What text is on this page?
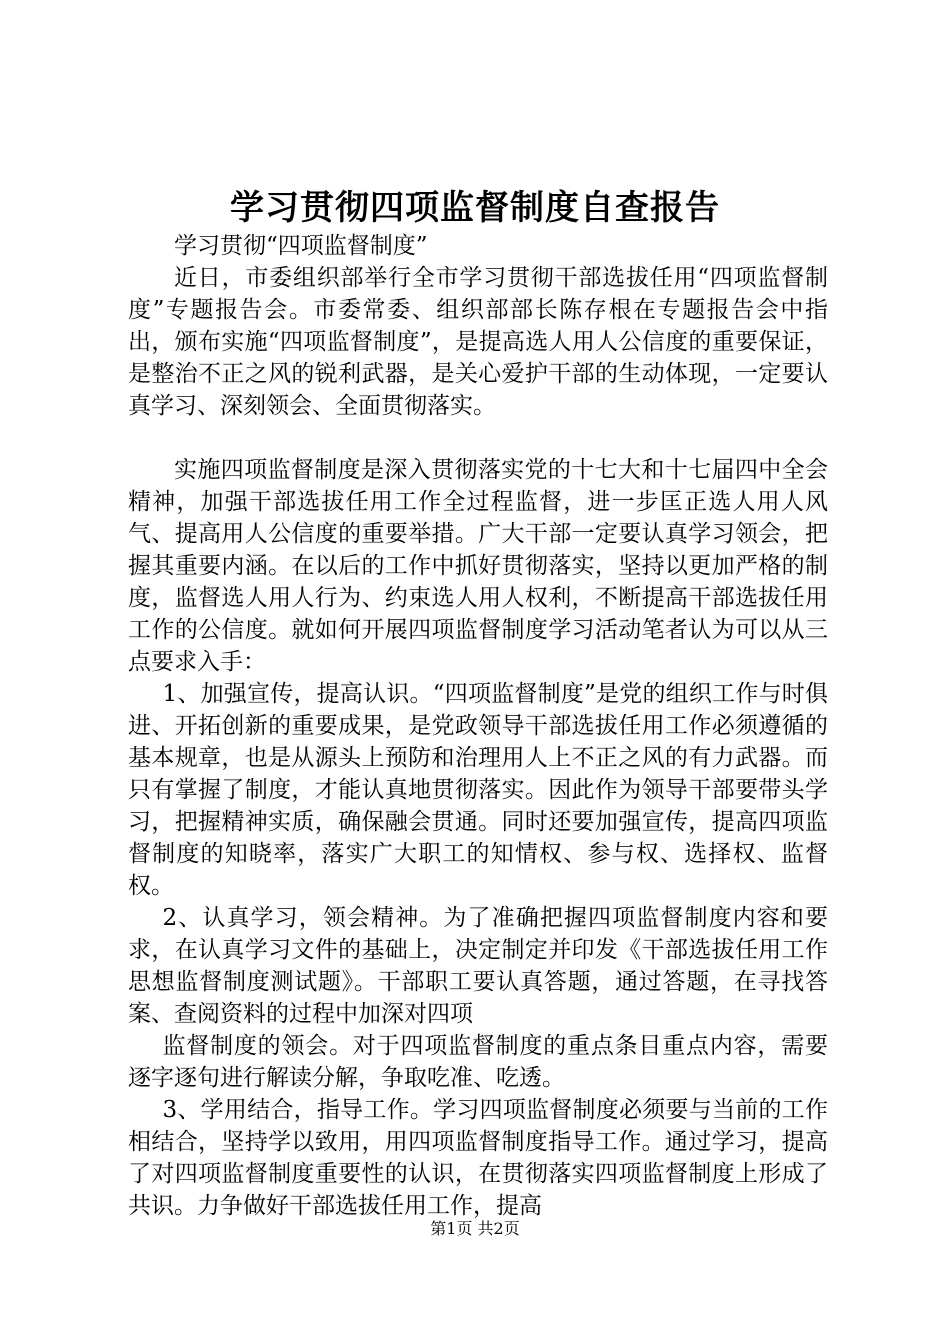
学习贯彻四项监督制度自查报告

学习贯彻“四项监督制度”

近日，市委组织部举行全市学习贯彻干部选拔任用“四项监督制度”专题报告会。市委常委、组织部部长陈存根在专题报告会中指出，颁布实施“四项监督制度”，是提高选人用人公信度的重要保证，是整治不正之风的锐利武器，是关心爱护干部的生动体现，一定要认真学习、深刻领会、全面贯彻落实。

实施四项监督制度是深入贯彻落实党的十七大和十七届四中全会精神，加强干部选拔任用工作全过程监督，进一步匡正选人用人风气、提高用人公信度的重要举措。广大干部一定要认真学习领会，把握其重要内涵。在以后的工作中抓好贯彻落实，坚持以更加严格的制度，监督选人用人行为、约束选人用人权利，不断提高干部选拔任用工作的公信度。就如何开展四项监督制度学习活动笔者认为可以从三点要求入手：

1、加强宣传，提高认识。“四项监督制度”是党的组织工作与时俱进、开拓创新的重要成果，是党政领导干部选拔任用工作必须遵循的基本规章，也是从源头上预防和治理用人上不正之风的有力武器。而只有掌握了制度，才能认真地贯彻落实。因此作为领导干部要带头学习，把握精神实质，确保融会贯通。同时还要加强宣传，提高四项监督制度的知晓率，落实广大职工的知情权、参与权、选择权、监督权。

2、认真学习，领会精神。为了准确把握四项监督制度内容和要求，在认真学习文件的基础上，决定制定并印发《干部选拔任用工作思想监督制度测试题》。干部职工要认真答题，通过答题，在寻找答案、查阅资料的过程中加深对四项

监督制度的领会。对于四项监督制度的重点条目重点内容，需要逐字逐句进行解读分解，争取吃准、吃透。

3、学用结合，指导工作。学习四项监督制度必须要与当前的工作相结合，坚持学以致用，用四项监督制度指导工作。通过学习，提高了对四项监督制度重要性的认识，在贯彻落实四项监督制度上形成了共识。力争做好干部选拔任用工作，提高

第1页 共2页
